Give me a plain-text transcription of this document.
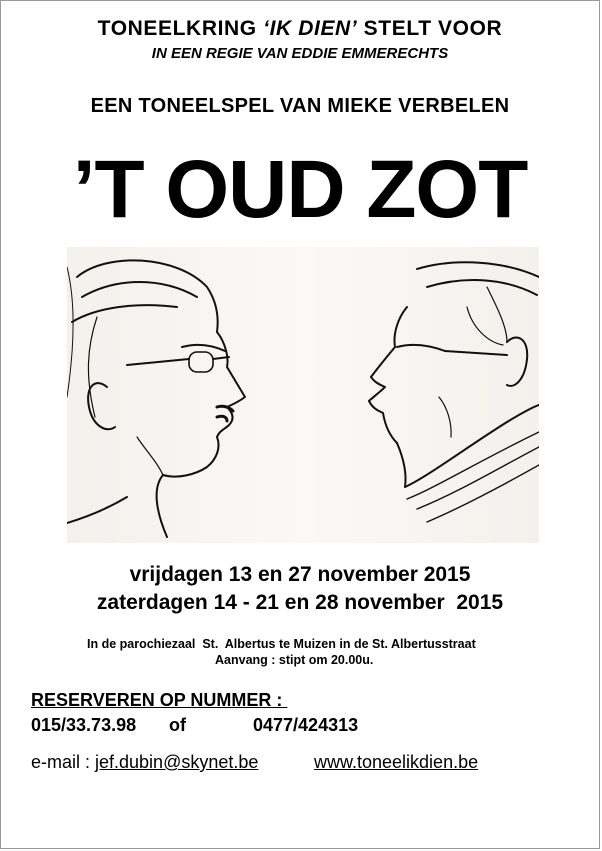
TONEELKRING ‘IK DIEN’ STELT VOOR
IN EEN REGIE VAN EDDIE EMMERECHTS
EEN TONEELSPEL VAN MIEKE VERBELEN
’T OUD ZOT
vrijdagen 13 en 27 november 2015
zaterdagen 14 - 21 en 28 november  2015
In de parochiezaal  St.  Albertus te Muizen in de St. Albertusstraat
Aanvang : stipt om 20.00u.
RESERVEREN OP NUMMER :
015/33.73.98 of	0477/424313
e-mail : jef.dubin@skynet.be	www.toneelikdien.be
